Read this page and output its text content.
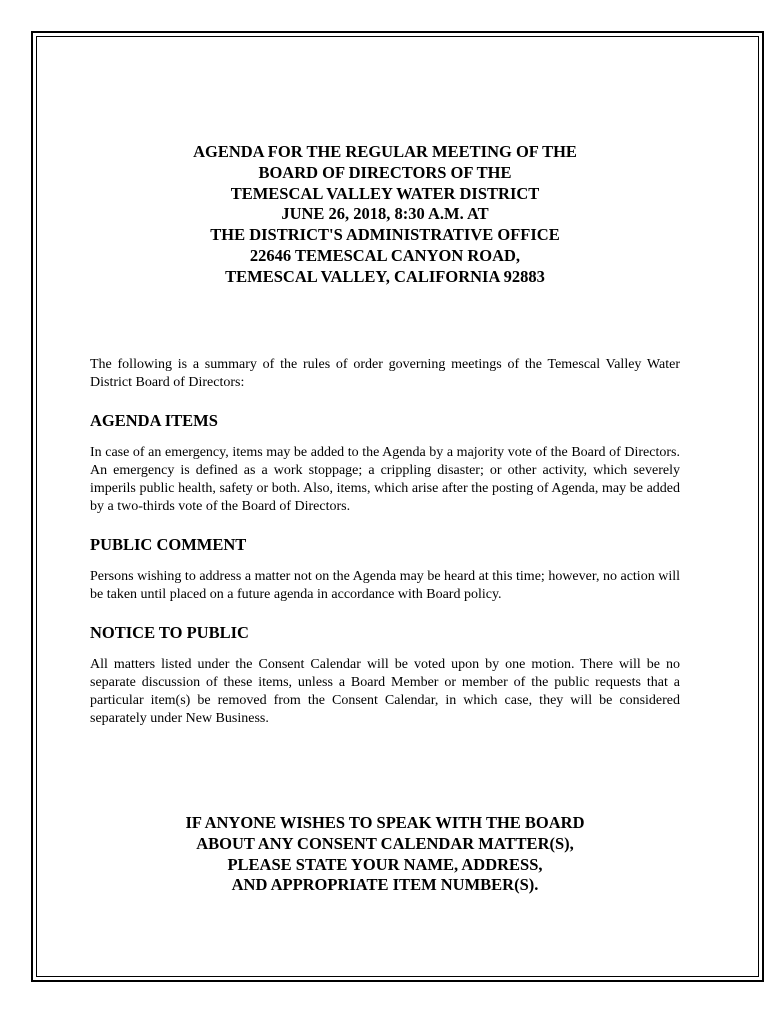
AGENDA FOR THE REGULAR MEETING OF THE
BOARD OF DIRECTORS OF THE
TEMESCAL VALLEY WATER DISTRICT
JUNE 26, 2018, 8:30 A.M. AT
THE DISTRICT'S ADMINISTRATIVE OFFICE
22646 TEMESCAL CANYON ROAD,
TEMESCAL VALLEY, CALIFORNIA 92883

The following is a summary of the rules of order governing meetings of the Temescal Valley Water District Board of Directors:

AGENDA ITEMS

In case of an emergency, items may be added to the Agenda by a majority vote of the Board of Directors. An emergency is defined as a work stoppage; a crippling disaster; or other activity, which severely imperils public health, safety or both. Also, items, which arise after the posting of Agenda, may be added by a two-thirds vote of the Board of Directors.

PUBLIC COMMENT

Persons wishing to address a matter not on the Agenda may be heard at this time; however, no action will be taken until placed on a future agenda in accordance with Board policy.

NOTICE TO PUBLIC

All matters listed under the Consent Calendar will be voted upon by one motion. There will be no separate discussion of these items, unless a Board Member or member of the public requests that a particular item(s) be removed from the Consent Calendar, in which case, they will be considered separately under New Business.

IF ANYONE WISHES TO SPEAK WITH THE BOARD
ABOUT ANY CONSENT CALENDAR MATTER(S),
PLEASE STATE YOUR NAME, ADDRESS,
AND APPROPRIATE ITEM NUMBER(S).
